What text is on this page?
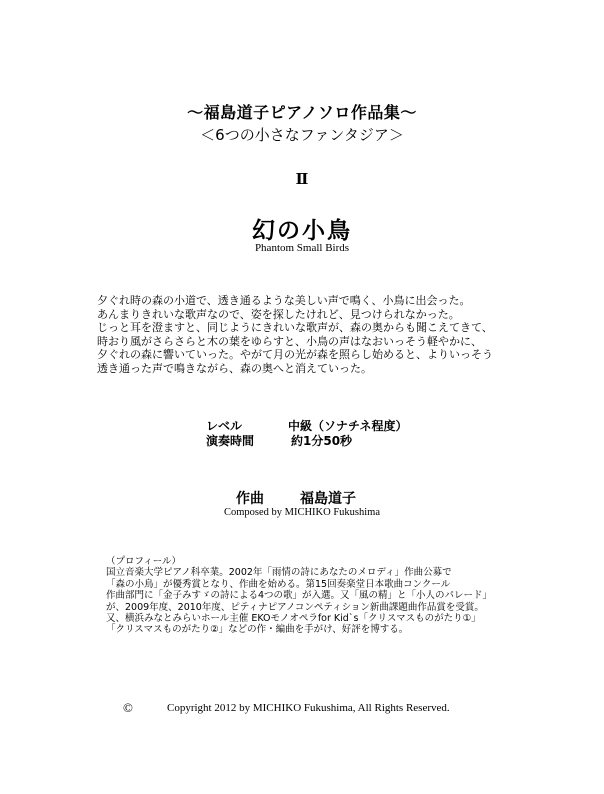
～福島道子ピアノソロ作品集～
＜6つの小さなファンタジア＞
Ⅱ
幻の小鳥
Phantom Small Birds
夕ぐれ時の森の小道で、透き通るような美しい声で鳴く、小鳥に出会った。
あんまりきれいな歌声なので、姿を探したけれど、見つけられなかった。
じっと耳を澄ますと、同じようにきれいな歌声が、森の奥からも聞こえてきて、
時おり風がさらさらと木の葉をゆらすと、小鳥の声はなおいっそう軽やかに、
夕ぐれの森に響いていった。やがて月の光が森を照らし始めると、よりいっそう
透き通った声で鳴きながら、森の奥へと消えていった。
レベル	中級（ソナチネ程度）
演奏時間	約1分50秒
作曲	福島道子
Composed by MICHIKO Fukushima
（プロフィール）
国立音楽大学ピアノ科卒業。2002年「雨情の詩にあなたのメロディ」作曲公募で
「森の小鳥」が優秀賞となり、作曲を始める。第15回奏楽堂日本歌曲コンクール
作曲部門に「金子みすゞの詩による4つの歌」が入選。又「風の精」と「小人のパレード」
が、2009年度、2010年度、ピティナピアノコンペティション新曲課題曲作品賞を受賞。
又、横浜みなとみらいホール主催 EKOモノオペラfor Kid`s「クリスマスものがたり①」
「クリスマスものがたり②」などの作・編曲を手がけ、好評を博する。
©	Copyright 2012 by MICHIKO Fukushima, All Rights Reserved.
